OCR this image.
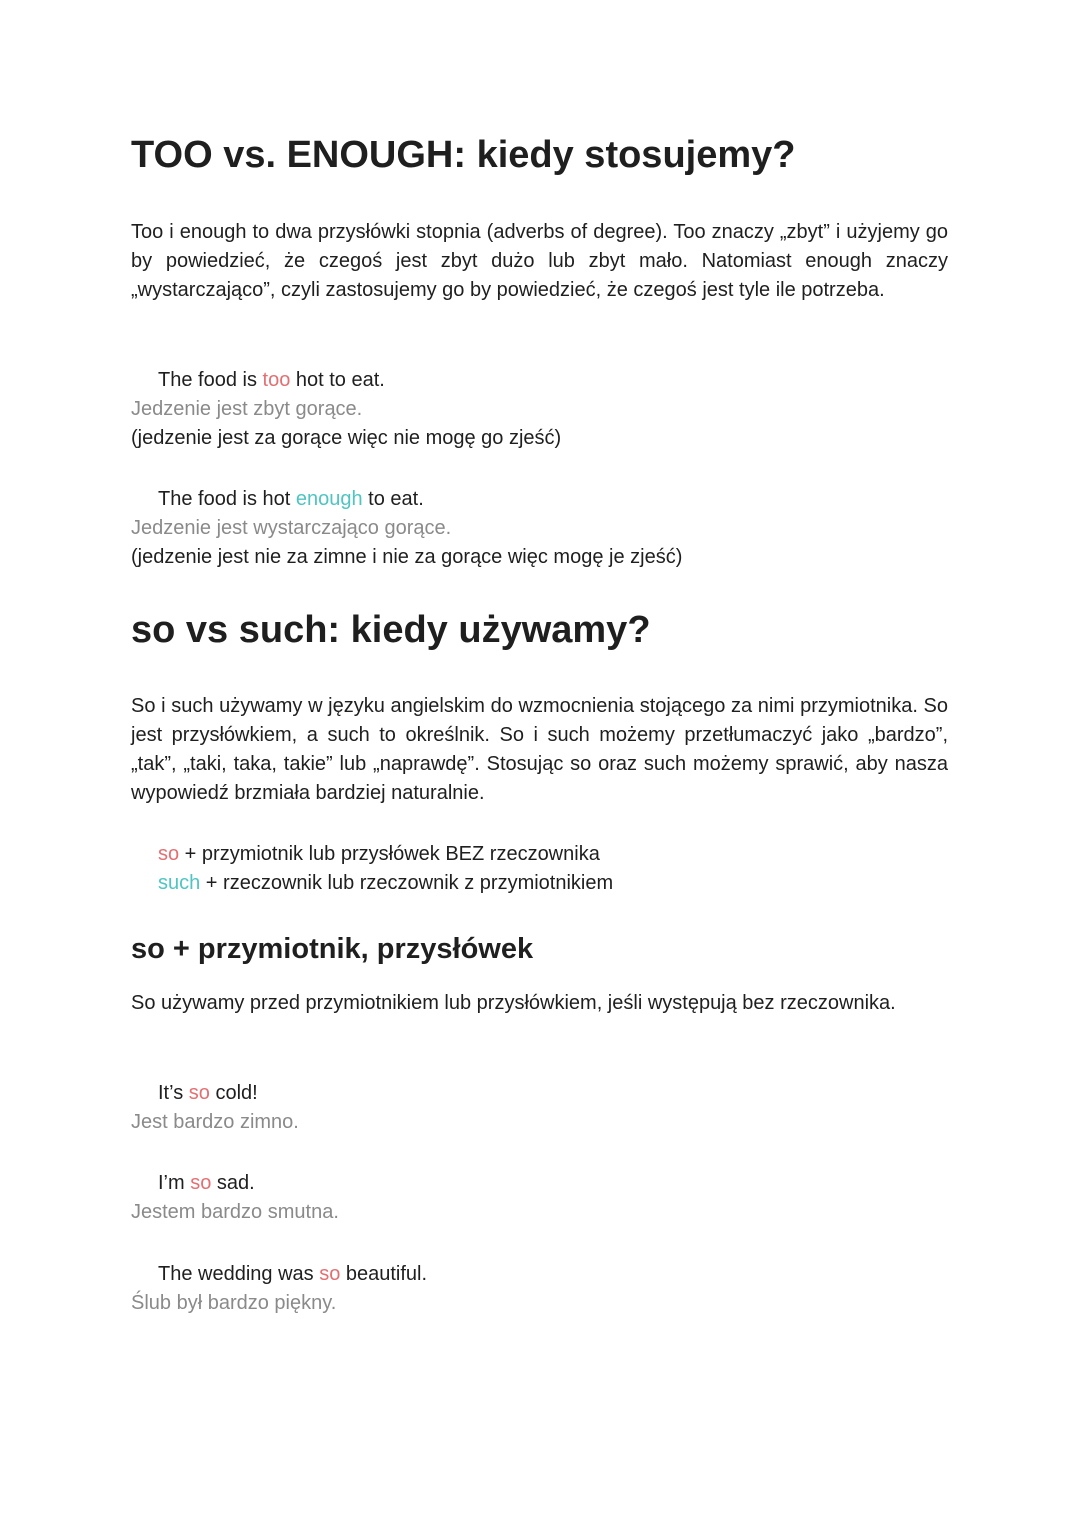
TOO vs. ENOUGH: kiedy stosujemy?

Too i enough to dwa przysłówki stopnia (adverbs of degree). Too znaczy „zbyt” i użyjemy go by powiedzieć, że czegoś jest zbyt dużo lub zbyt mało. Natomiast enough znaczy „wystarczająco”, czyli zastosujemy go by powiedzieć, że czegoś jest tyle ile potrzeba.

The food is too hot to eat.
Jedzenie jest zbyt gorące.
(jedzenie jest za gorące więc nie mogę go zjeść)
The food is hot enough to eat.
Jedzenie jest wystarczająco gorące.
(jedzenie jest nie za zimne i nie za gorące więc mogę je zjeść)
so vs such: kiedy używamy?

So i such używamy w języku angielskim do wzmocnienia stojącego za nimi przymiotnika. So jest przysłówkiem, a such to określnik. So i such możemy przetłumaczyć jako „bardzo”, „tak”, „taki, taka, takie” lub „naprawdę”. Stosując so oraz such możemy sprawić, aby nasza wypowiedź brzmiała bardziej naturalnie.

so + przymiotnik lub przysłówek BEZ rzeczownika
such + rzeczownik lub rzeczownik z przymiotnikiem
so + przymiotnik, przysłówek

So używamy przed przymiotnikiem lub przysłówkiem, jeśli występują bez rzeczownika.

It’s so cold!
Jest bardzo zimno.
I’m so sad.
Jestem bardzo smutna.
The wedding was so beautiful.
Ślub był bardzo piękny.
